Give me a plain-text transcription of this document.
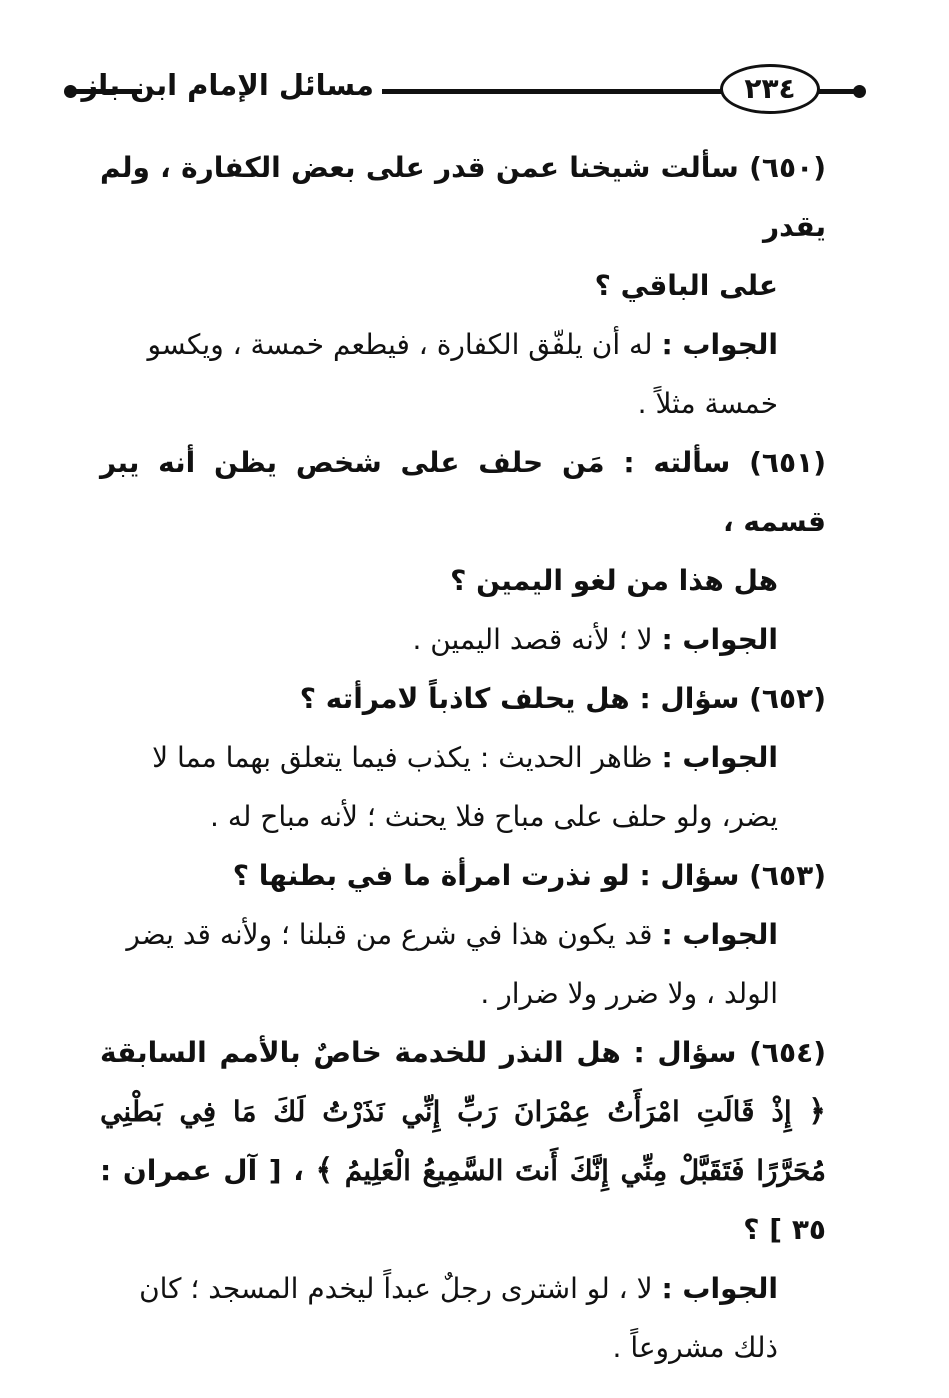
مسائل الإمام ابن باز	٢٣٤

(٦٥٠) سألت شيخنا عمن قدر على بعض الكفارة ، ولم يقدر
على الباقي ؟

الجواب : له أن يلفّق الكفارة ، فيطعم خمسة ، ويكسو
خمسة مثلاً .

(٦٥١) سألته : مَن حلف على شخص يظن أنه يبر قسمه ،
هل هذا من لغو اليمين ؟

الجواب : لا ؛ لأنه قصد اليمين .

(٦٥٢) سؤال : هل يحلف كاذباً لامرأته ؟

الجواب : ظاهر الحديث : يكذب فيما يتعلق بهما مما لا
يضر، ولو حلف على مباح فلا يحنث ؛ لأنه مباح له .

(٦٥٣) سؤال : لو نذرت امرأة ما في بطنها ؟

الجواب : قد يكون هذا في شرع من قبلنا ؛ ولأنه قد يضر
الولد ، ولا ضرر ولا ضرار .

(٦٥٤) سؤال : هل النذر للخدمة خاصٌ بالأمم السابقة ﴿ إِذْ قَالَتِ امْرَأَتُ عِمْرَانَ رَبِّ إِنِّي نَذَرْتُ لَكَ مَا فِي بَطْنِي مُحَرَّرًا فَتَقَبَّلْ مِنِّي إِنَّكَ أَنتَ السَّمِيعُ الْعَلِيمُ ﴾ ، [ آل عمران : ٣٥ ] ؟

الجواب : لا ، لو اشترى رجلٌ عبداً ليخدم المسجد ؛ كان
ذلك مشروعاً .
